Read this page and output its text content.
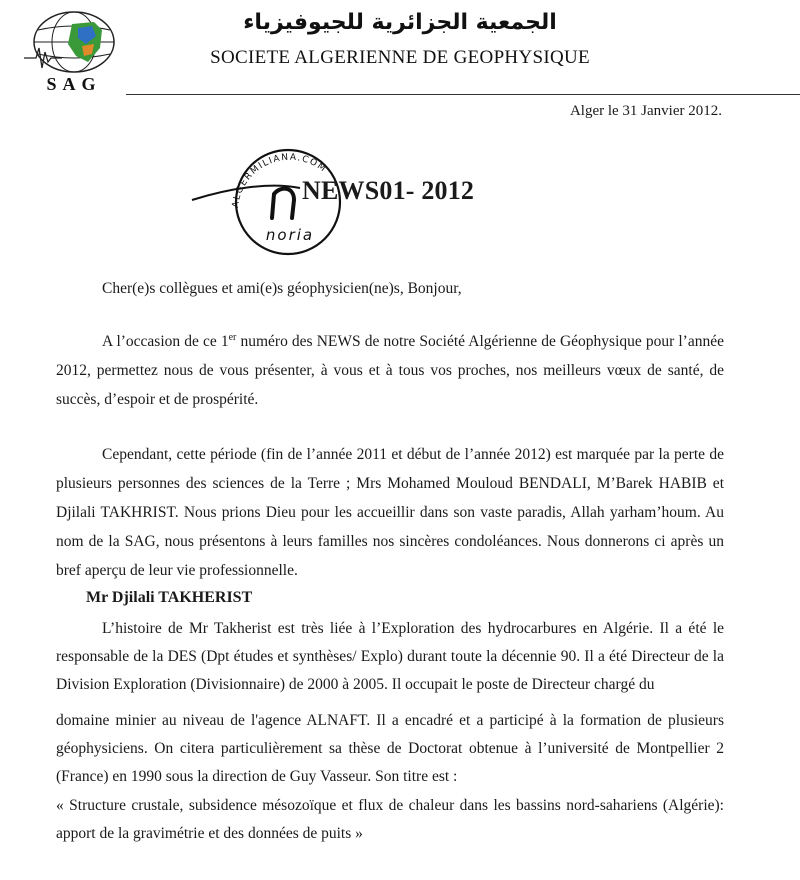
SAG
الجمعية الجزائرية للجيوفيزياء
SOCIETE ALGERIENNE DE GEOPHYSIQUE
Alger le 31 Janvier 2012.
ALGERMILIANA.COM
noria
NEWS01- 2012

Cher(e)s collègues et ami(e)s géophysicien(ne)s, Bonjour,

A l’occasion de ce 1er numéro des NEWS de notre Société Algérienne de Géophysique pour l’année 2012, permettez nous de vous présenter, à vous et à tous vos proches, nos meilleurs vœux de santé, de succès, d’espoir et de prospérité.

Cependant, cette période (fin de l’année 2011 et début de l’année 2012) est marquée par la perte de plusieurs personnes des sciences de la Terre ; Mrs Mohamed Mouloud BENDALI, M’Barek HABIB et Djilali TAKHRIST. Nous prions Dieu pour les accueillir dans son vaste paradis, Allah yarham’houm. Au nom de la SAG, nous présentons à leurs familles nos sincères condoléances. Nous donnerons ci après un bref aperçu de leur vie professionnelle.

Mr Djilali TAKHERIST

L’histoire de Mr Takherist est très liée à l’Exploration des hydrocarbures en Algérie. Il a été le responsable de la DES (Dpt études et synthèses/ Explo) durant toute la décennie 90. Il a été Directeur de la Division Exploration (Divisionnaire) de 2000 à 2005. Il occupait le poste de Directeur chargé du

domaine minier au niveau de l'agence ALNAFT. Il a encadré et a participé à la formation de plusieurs géophysiciens. On citera particulièrement sa thèse de Doctorat obtenue à l’université de Montpellier 2 (France) en 1990 sous la direction de Guy Vasseur. Son titre est :

« Structure crustale, subsidence mésozoïque et flux de chaleur dans les bassins nord-sahariens (Algérie): apport de la gravimétrie et des données de puits »
